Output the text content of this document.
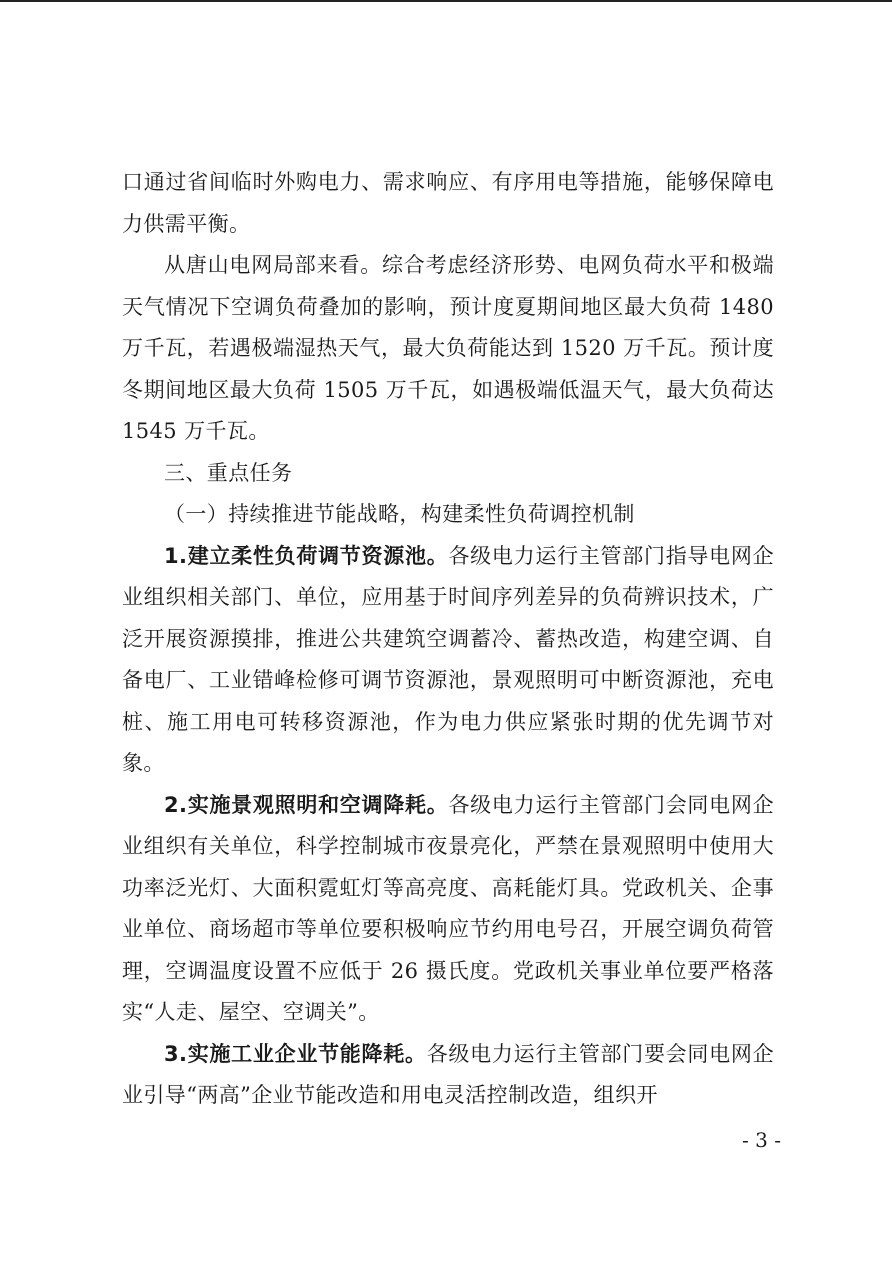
口通过省间临时外购电力、需求响应、有序用电等措施，能够保障电力供需平衡。

从唐山电网局部来看。综合考虑经济形势、电网负荷水平和极端天气情况下空调负荷叠加的影响，预计度夏期间地区最大负荷 1480 万千瓦，若遇极端湿热天气，最大负荷能达到 1520 万千瓦。预计度冬期间地区最大负荷 1505 万千瓦，如遇极端低温天气，最大负荷达 1545 万千瓦。

三、重点任务

（一）持续推进节能战略，构建柔性负荷调控机制

1.建立柔性负荷调节资源池。各级电力运行主管部门指导电网企业组织相关部门、单位，应用基于时间序列差异的负荷辨识技术，广泛开展资源摸排，推进公共建筑空调蓄冷、蓄热改造，构建空调、自备电厂、工业错峰检修可调节资源池，景观照明可中断资源池，充电桩、施工用电可转移资源池，作为电力供应紧张时期的优先调节对象。

2.实施景观照明和空调降耗。各级电力运行主管部门会同电网企业组织有关单位，科学控制城市夜景亮化，严禁在景观照明中使用大功率泛光灯、大面积霓虹灯等高亮度、高耗能灯具。党政机关、企事业单位、商场超市等单位要积极响应节约用电号召，开展空调负荷管理，空调温度设置不应低于 26 摄氏度。党政机关事业单位要严格落实“人走、屋空、空调关”。

3.实施工业企业节能降耗。各级电力运行主管部门要会同电网企业引导“两高”企业节能改造和用电灵活控制改造，组织开

- 3 -
